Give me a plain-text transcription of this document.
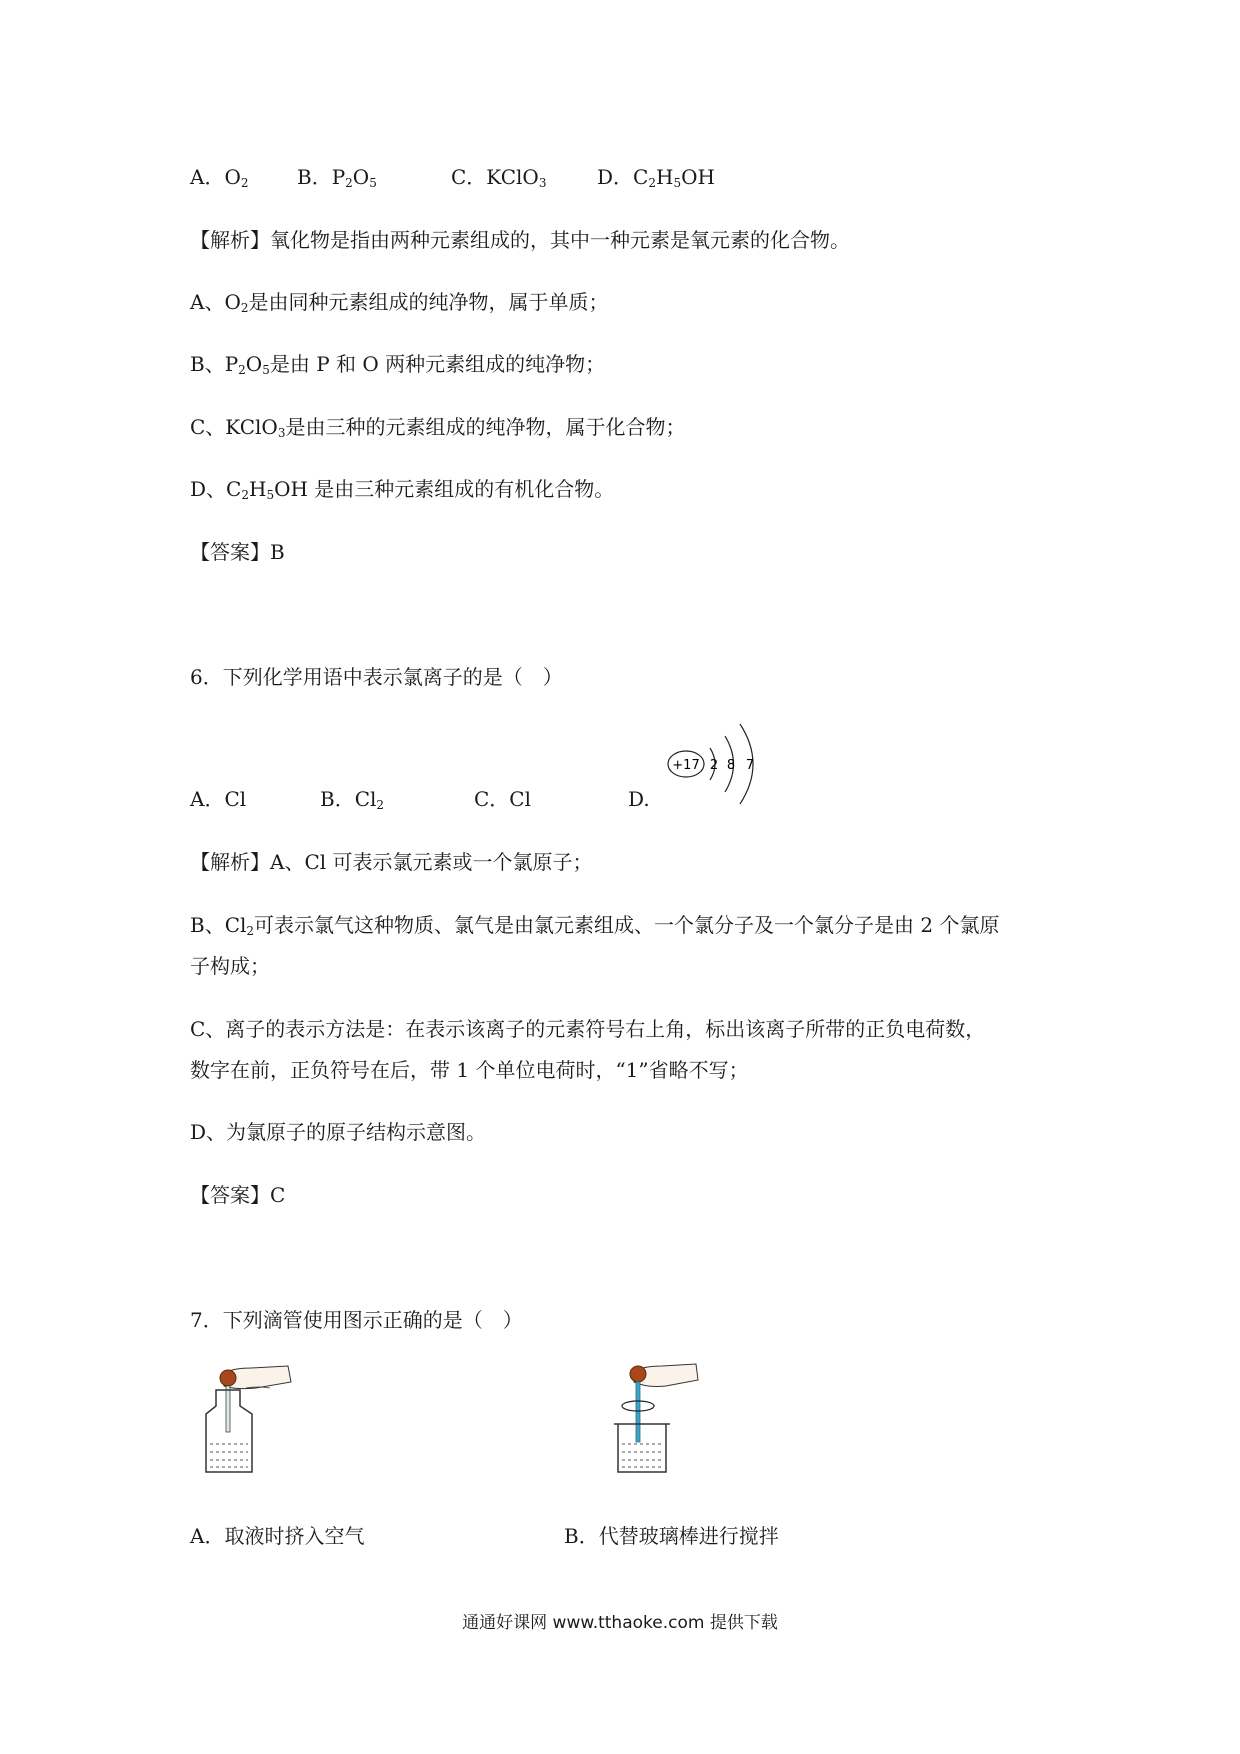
A．$O_2$ B．$P_2O_5$	C．KClO$_3$	D．$C_2H_5OH$
【解析】氧化物是指由两种元素组成的，其中一种元素是氧元素的化合物。
A、$O_2$是由同种元素组成的纯净物，属于单质；
B、$P_2O_5$是由 P 和 O 两种元素组成的纯净物；
C、KClO$_3$是由三种的元素组成的纯净物，属于化合物；
D、$C_2H_5OH$ 是由三种元素组成的有机化合物。
【答案】B
6．下列化学用语中表示氯离子的是（　）
A．Cl	B．$Cl_2$	C．Cl	D.
+17 2 8 7
【解析】A、Cl 可表示氯元素或一个氯原子；
B、$Cl_2$可表示氯气这种物质、氯气是由氯元素组成、一个氯分子及一个氯分子是由 2 个氯原
子构成；
C、离子的表示方法是：在表示该离子的元素符号右上角，标出该离子所带的正负电荷数，
数字在前，正负符号在后，带 1 个单位电荷时，“1”省略不写；
D、为氯原子的原子结构示意图。
【答案】C
7．下列滴管使用图示正确的是（　）
A．取液时挤入空气	B．代替玻璃棒进行搅拌
通通好课网 www.tthaoke.com 提供下载
